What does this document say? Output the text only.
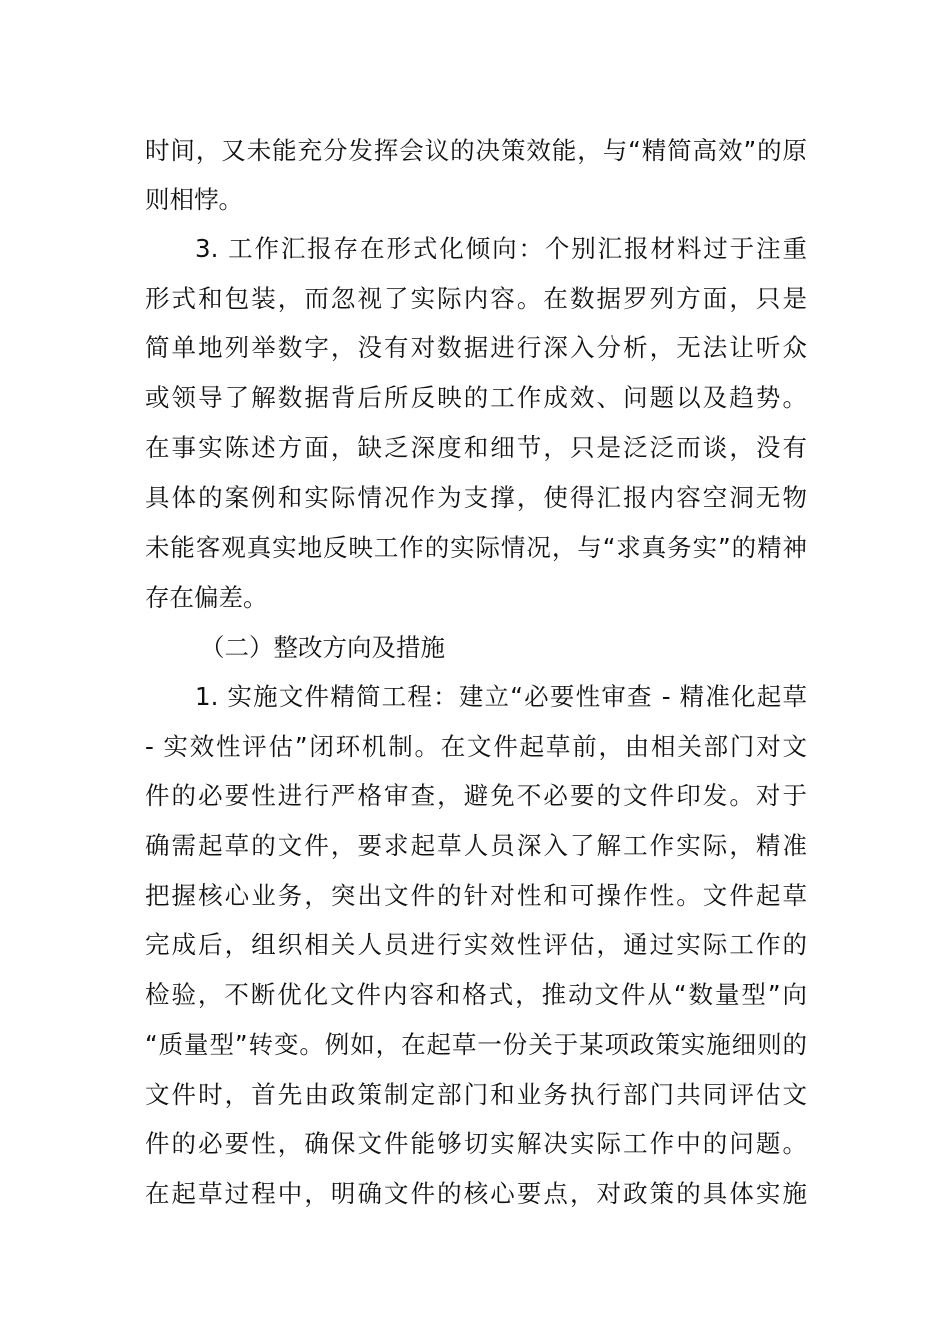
时间，又未能充分发挥会议的决策效能，与“精简高效”的原
则相悖。
3. 工作汇报存在形式化倾向：个别汇报材料过于注重
形式和包装，而忽视了实际内容。在数据罗列方面，只是
简单地列举数字，没有对数据进行深入分析，无法让听众
或领导了解数据背后所反映的工作成效、问题以及趋势。
在事实陈述方面，缺乏深度和细节，只是泛泛而谈，没有
具体的案例和实际情况作为支撑，使得汇报内容空洞无物
未能客观真实地反映工作的实际情况，与“求真务实”的精神
存在偏差。
（二）整改方向及措施
1. 实施文件精简工程：建立“必要性审查 - 精准化起草
- 实效性评估”闭环机制。在文件起草前，由相关部门对文
件的必要性进行严格审查，避免不必要的文件印发。对于
确需起草的文件，要求起草人员深入了解工作实际，精准
把握核心业务，突出文件的针对性和可操作性。文件起草
完成后，组织相关人员进行实效性评估，通过实际工作的
检验，不断优化文件内容和格式，推动文件从“数量型”向
“质量型”转变。例如，在起草一份关于某项政策实施细则的
文件时，首先由政策制定部门和业务执行部门共同评估文
件的必要性，确保文件能够切实解决实际工作中的问题。
在起草过程中，明确文件的核心要点，对政策的具体实施
